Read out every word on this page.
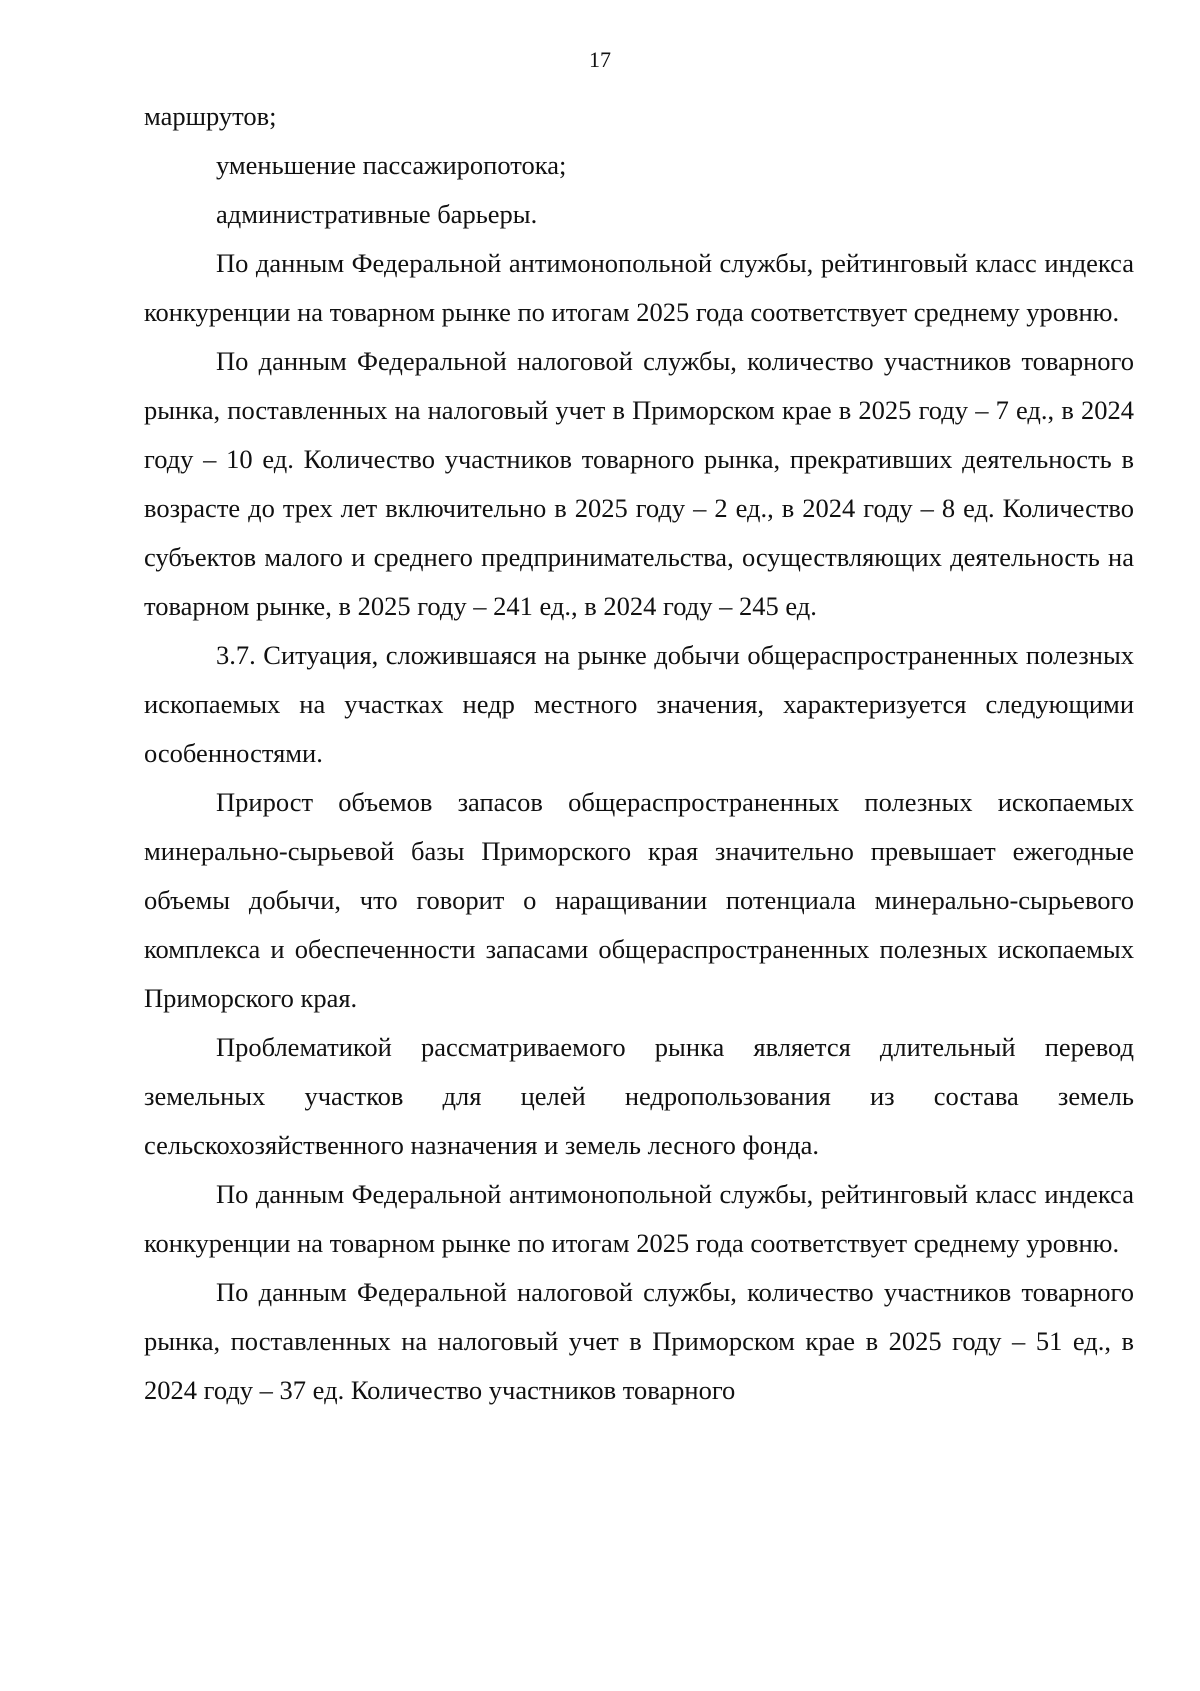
17

маршрутов;

уменьшение пассажиропотока;

административные барьеры.

По данным Федеральной антимонопольной службы, рейтинговый класс индекса конкуренции на товарном рынке по итогам 2025 года соответствует среднему уровню.

По данным Федеральной налоговой службы, количество участников товарного рынка, поставленных на налоговый учет в Приморском крае в 2025 году – 7 ед., в 2024 году – 10 ед. Количество участников товарного рынка, прекративших деятельность в возрасте до трех лет включительно в 2025 году – 2 ед., в 2024 году – 8 ед. Количество субъектов малого и среднего предпринимательства, осуществляющих деятельность на товарном рынке, в 2025 году – 241 ед., в 2024 году – 245 ед.

3.7. Ситуация, сложившаяся на рынке добычи общераспространенных полезных ископаемых на участках недр местного значения, характеризуется следующими особенностями.

Прирост объемов запасов общераспространенных полезных ископаемых минерально-сырьевой базы Приморского края значительно превышает ежегодные объемы добычи, что говорит о наращивании потенциала минерально-сырьевого комплекса и обеспеченности запасами общераспространенных полезных ископаемых Приморского края.

Проблематикой рассматриваемого рынка является длительный перевод земельных участков для целей недропользования из состава земель сельскохозяйственного назначения и земель лесного фонда.

По данным Федеральной антимонопольной службы, рейтинговый класс индекса конкуренции на товарном рынке по итогам 2025 года соответствует среднему уровню.

По данным Федеральной налоговой службы, количество участников товарного рынка, поставленных на налоговый учет в Приморском крае в 2025 году – 51 ед., в 2024 году – 37 ед. Количество участников товарного
